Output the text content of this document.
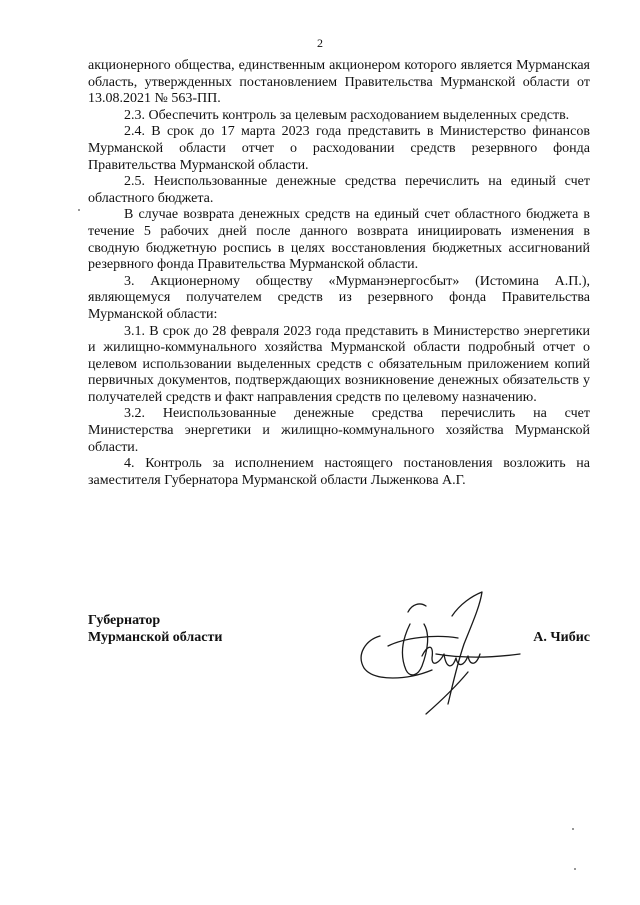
2

акционерного общества, единственным акционером которого является Мурманская область, утвержденных постановлением Правительства Мурманской области от 13.08.2021 № 563-ПП.

2.3. Обеспечить контроль за целевым расходованием выделенных средств.

2.4. В срок до 17 марта 2023 года представить в Министерство финансов Мурманской области отчет о расходовании средств резервного фонда Правительства Мурманской области.

2.5. Неиспользованные денежные средства перечислить на единый счет областного бюджета.

В случае возврата денежных средств на единый счет областного бюджета в течение 5 рабочих дней после данного возврата инициировать изменения в сводную бюджетную роспись в целях восстановления бюджетных ассигнований резервного фонда Правительства Мурманской области.

3. Акционерному обществу «Мурманэнергосбыт» (Истомина А.П.), являющемуся получателем средств из резервного фонда Правительства Мурманской области:

3.1. В срок до 28 февраля 2023 года представить в Министерство энергетики и жилищно-коммунального хозяйства Мурманской области подробный отчет о целевом использовании выделенных средств с обязательным приложением копий первичных документов, подтверждающих возникновение денежных обязательств у получателей средств и факт направления средств по целевому назначению.

3.2. Неиспользованные денежные средства перечислить на счет Министерства энергетики и жилищно-коммунального хозяйства Мурманской области.

4. Контроль за исполнением настоящего постановления возложить на заместителя Губернатора Мурманской области Лыженкова А.Г.

Губернатор
Мурманской области	А. Чибис
